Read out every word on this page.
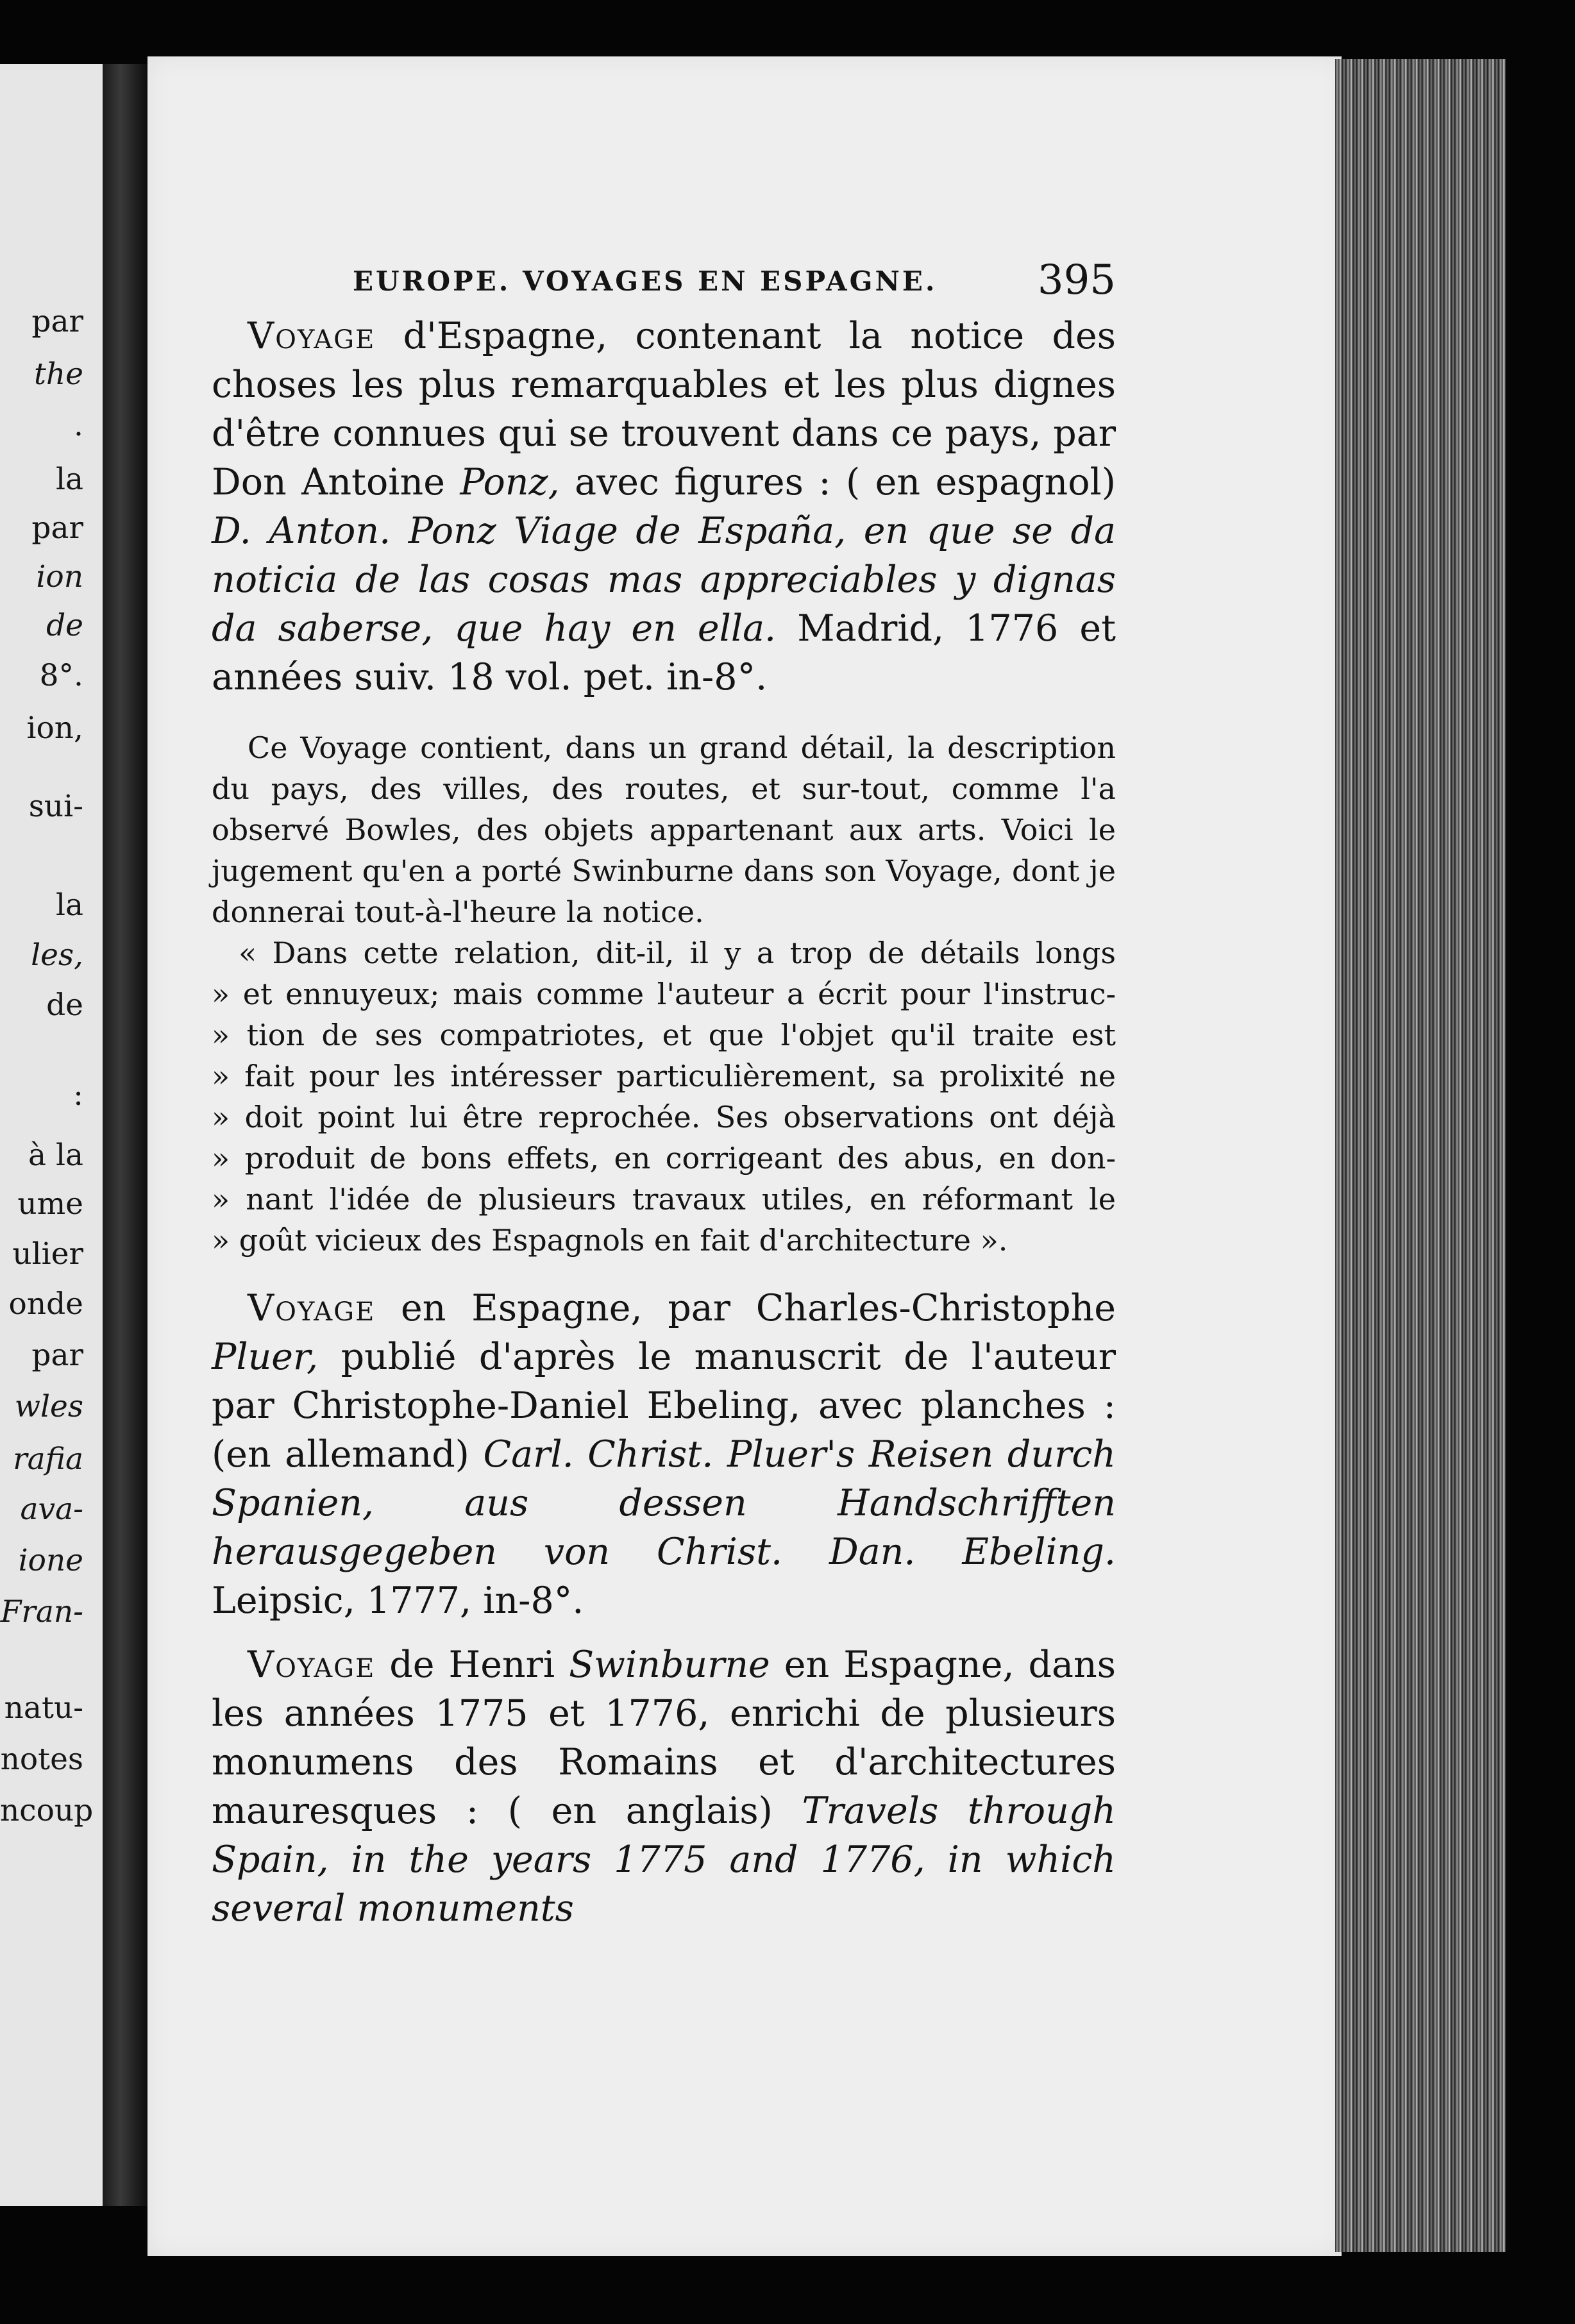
par
the
.
la
par
ion
de
8°.
ion,
sui-
la
les,
de
:
à la
ume
ulier
onde
par
wles
rafia
ava-
ione
Fran-
natu-
notes
ncoup
EUROPE. VOYAGES EN ESPAGNE. 395

Voyage d'Espagne, contenant la notice des choses les plus remarquables et les plus dignes d'être connues qui se trouvent dans ce pays, par Don Antoine Ponz, avec figures : ( en espagnol) D. Anton. Ponz Viage de España, en que se da noticia de las cosas mas appreciables y dignas da saberse, que hay en ella. Madrid, 1776 et années suiv. 18 vol. pet. in-8°.

Ce Voyage contient, dans un grand détail, la description du pays, des villes, des routes, et sur-tout, comme l'a observé Bowles, des objets appartenant aux arts. Voici le jugement qu'en a porté Swinburne dans son Voyage, dont je donnerai tout-à-l'heure la notice.

« Dans cette relation, dit-il, il y a trop de détails longs

» et ennuyeux; mais comme l'auteur a écrit pour l'instruc-

» tion de ses compatriotes, et que l'objet qu'il traite est

» fait pour les intéresser particulièrement, sa prolixité ne

» doit point lui être reprochée. Ses observations ont déjà

» produit de bons effets, en corrigeant des abus, en don-

» nant l'idée de plusieurs travaux utiles, en réformant le

» goût vicieux des Espagnols en fait d'architecture ».

Voyage en Espagne, par Charles-Christophe Pluer, publié d'après le manuscrit de l'auteur par Christophe-Daniel Ebeling, avec planches : (en allemand) Carl. Christ. Pluer's Reisen durch Spanien, aus dessen Handschrifften herausgegeben von Christ. Dan. Ebeling. Leipsic, 1777, in-8°.

Voyage de Henri Swinburne en Espagne, dans les années 1775 et 1776, enrichi de plusieurs monumens des Romains et d'architectures mauresques : ( en anglais) Travels through Spain, in the years 1775 and 1776, in which several monuments
